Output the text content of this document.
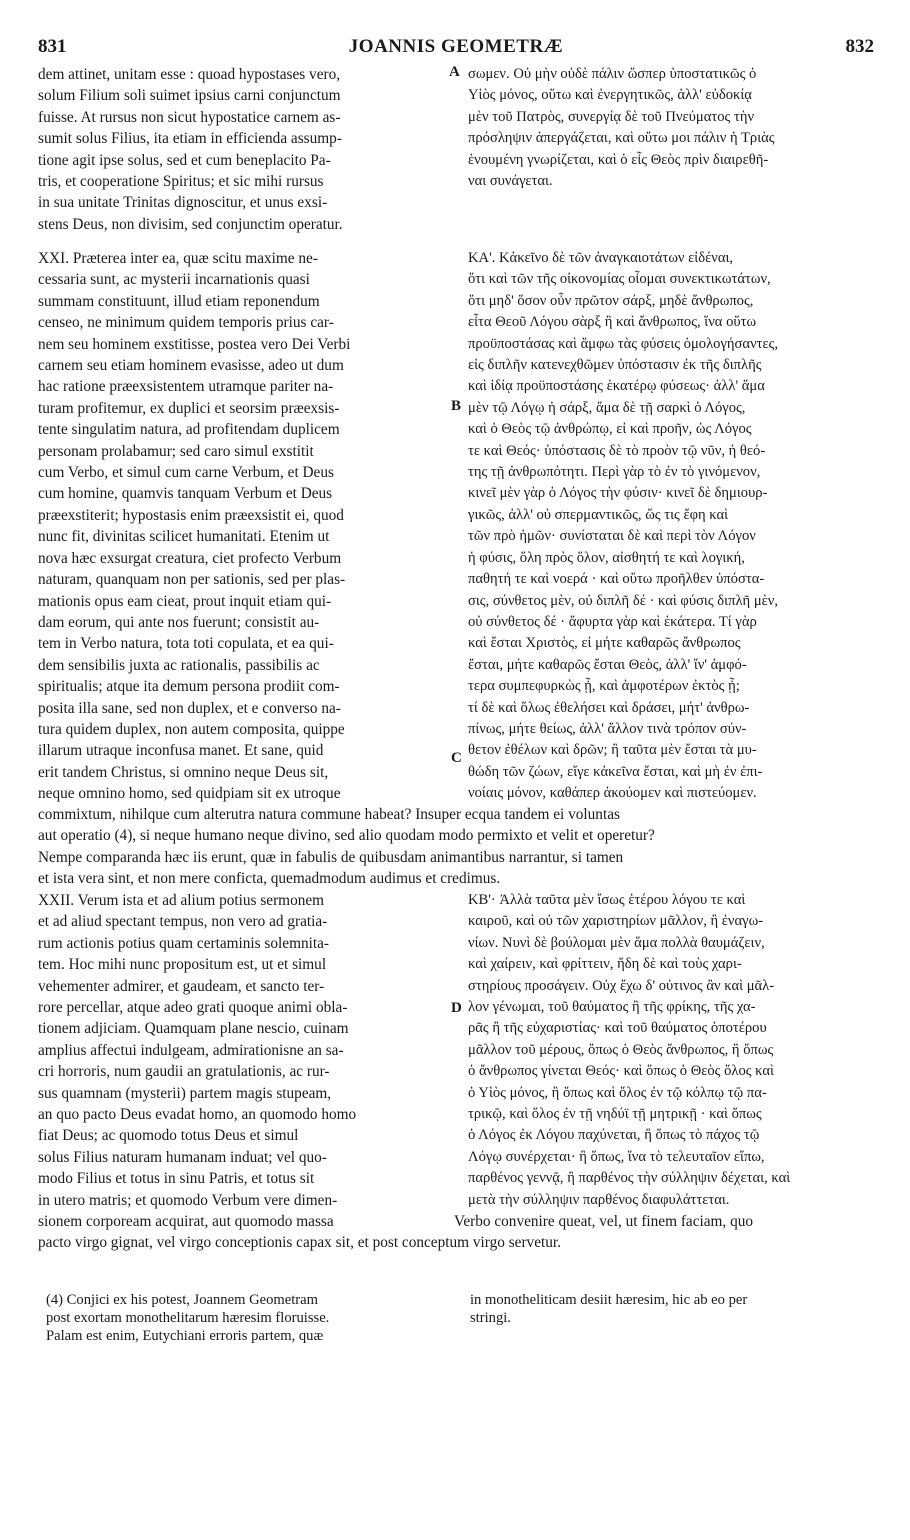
831	JOANNIS GEOMETRÆ	832
dem attinet, unitam esse : quoad hypostases vero,
solum Filium soli suimet ipsius carni conjunctum
fuisse. At rursus non sicut hypostatice carnem as-
sumit solus Filius, ita etiam in efficienda assump-
tione agit ipse solus, sed et cum beneplacito Pa-
tris, et cooperatione Spiritus; et sic mihi rursus
in sua unitate Trinitas dignoscitur, et unus exsi-
stens Deus, non divisim, sed conjunctim operatur.
A σωμεν. Οὐ μὴν οὐδὲ πάλιν ὥσπερ ὑποστατικῶς ὁ
Υἱὸς μόνος, οὕτω καὶ ἐνεργητικῶς, ἀλλ' εὐδοκίᾳ
μὲν τοῦ Πατρὸς, συνεργίᾳ δὲ τοῦ Πνεύματος τὴν
πρόσληψιν ἀπεργάζεται, καὶ οὕτω μοι πάλιν ἡ Τριὰς
ἑνουμένη γνωρίζεται, καὶ ὁ εἷς Θεὸς πρὶν διαιρεθῆ-
ναι συνάγεται.
XXI. Præterea inter ea, quæ scitu maxime ne-
cessaria sunt, ac mysterii incarnationis quasi
summam constituunt, illud etiam reponendum
censeo, ne minimum quidem temporis prius car-
nem seu hominem exstitisse, postea vero Dei Verbi
carnem seu etiam hominem evasisse, adeo ut dum
hac ratione præexsistentem utramque pariter na-
turam profitemur, ex duplici et seorsim præexsis-
tente singulatim natura, ad profitendam duplicem
personam prolabamur; sed caro simul exstitit
cum Verbo, et simul cum carne Verbum, et Deus
cum homine, quamvis tanquam Verbum et Deus
præexstiterit; hypostasis enim præexsistit ei, quod
nunc fit, divinitas scilicet humanitati. Etenim ut
nova hæc exsurgat creatura, ciet profecto Verbum
naturam, quanquam non per sationis, sed per plas-
mationis opus eam cieat, prout inquit etiam qui-
dam eorum, qui ante nos fuerunt; consistit au-
tem in Verbo natura, tota toti copulata, et ea qui-
dem sensibilis juxta ac rationalis, passibilis ac
spiritualis; atque ita demum persona prodiit com-
posita illa sane, sed non duplex, et e converso na-
tura quidem duplex, non autem composita, quippe
illarum utraque inconfusa manet. Et sane, quid
erit tandem Christus, si omnino neque Deus sit,
neque omnino homo, sed quidpiam sit ex utroque
B
C
ΚΑ'. Κἀκεῖνο δὲ τῶν ἀναγκαιοτάτων εἰδέναι,
ὅτι καὶ τῶν τῆς οἰκονομίας οἶομαι συνεκτικωτάτων,
ὅτι μηδ' ὅσον οὖν πρῶτον σάρξ, μηδὲ ἄνθρωπος,
εἶτα Θεοῦ Λόγου σὰρξ ἢ καὶ ἄνθρωπος, ἵνα οὕτω
προϋποστάσας καὶ ἄμφω τὰς φύσεις ὁμολογήσαντες,
εἰς διπλῆν κατενεχθῶμεν ὑπόστασιν ἐκ τῆς διπλῆς
καὶ ἰδίᾳ προϋποστάσης ἑκατέρῳ φύσεως· ἀλλ' ἅμα
μὲν τῷ Λόγῳ ἡ σάρξ, ἅμα δὲ τῇ σαρκὶ ὁ Λόγος,
καὶ ὁ Θεὸς τῷ ἀνθρώπῳ, εἰ καὶ προῆν, ὡς Λόγος
τε καὶ Θεός· ὑπόστασις δὲ τὸ προὸν τῷ νῦν, ἡ θεό-
της τῇ ἀνθρωπότητι. Περὶ γὰρ τὸ ἐν τὸ γινόμενον,
κινεῖ μὲν γὰρ ὁ Λόγος τὴν φύσιν· κινεῖ δὲ δημιουρ-
γικῶς, ἀλλ' οὐ σπερμαντικῶς, ὥς τις ἔφη καὶ
τῶν πρὸ ἡμῶν· συνίσταται δὲ καὶ περὶ τὸν Λόγον
ἡ φύσις, ὅλη πρὸς ὅλον, αἰσθητή τε καὶ λογική,
παθητή τε καὶ νοερά · καὶ οὕτω προῆλθεν ὑπόστα-
σις, σύνθετος μὲν, οὐ διπλῆ δέ · καὶ φύσις διπλῆ μὲν,
οὐ σύνθετος δέ · ἄφυρτα γὰρ καὶ ἑκάτερα. Τί γὰρ
καὶ ἔσται Χριστὸς, εἰ μήτε καθαρῶς ἄνθρωπος
ἔσται, μήτε καθαρῶς ἔσται Θεὸς, ἀλλ' ἵν' ἀμφό-
τερα συμπεφυρκὼς ᾖ, καὶ ἀμφοτέρων ἐκτὸς ᾖ;
τί δὲ καὶ ὅλως ἐθελήσει καὶ δράσει, μήτ' ἀνθρω-
πίνως, μήτε θείως, ἀλλ' ἄλλον τινὰ τρόπον σύν-
θετον ἐθέλων καὶ δρῶν; ἢ ταῦτα μὲν ἔσται τὰ μυ-
θώδη τῶν ζώων, εἴγε κἀκεῖνα ἔσται, καὶ μὴ ἐν ἐπι-
νοίαις μόνον, καθάπερ ἀκούομεν καὶ πιστεύομεν.
commixtum, nihilque cum alterutra natura commune habeat? Insuper ecqua tandem ei voluntas
aut operatio (4), si neque humano neque divino, sed alio quodam modo permixto et velit et operetur?
Nempe comparanda hæc iis erunt, quæ in fabulis de quibusdam animantibus narrantur, si tamen
et ista vera sint, et non mere conficta, quemadmodum audimus et credimus.
XXII. Verum ista et ad alium potius sermonem
et ad aliud spectant tempus, non vero ad gratia-
rum actionis potius quam certaminis solemnita-
tem. Hoc mihi nunc propositum est, ut et simul
vehementer admirer, et gaudeam, et sancto ter-
rore percellar, atque adeo grati quoque animi obla-
tionem adjiciam. Quamquam plane nescio, cuinam
amplius affectui indulgeam, admirationisne an sa-
cri horroris, num gaudii an gratulationis, ac rur-
sus quamnam (mysterii) partem magis stupeam,
an quo pacto Deus evadat homo, an quomodo homo
fiat Deus; ac quomodo totus Deus et simul
solus Filius naturam humanam induat; vel quo-
modo Filius et totus in sinu Patris, et totus sit
in utero matris; et quomodo Verbum vere dimen-
sionem corpoream acquirat, aut quomodo massa
D
ΚΒ'· Ἀλλὰ ταῦτα μὲν ἴσως ἑτέρου λόγου τε καὶ
καιροῦ, καὶ οὐ τῶν χαριστηρίων μᾶλλον, ἢ ἐναγω-
νίων. Νυνὶ δὲ βούλομαι μὲν ἅμα πολλὰ θαυμάζειν,
καὶ χαίρειν, καὶ φρίττειν, ἤδη δὲ καὶ τοὺς χαρι-
στηρίους προσάγειν. Οὐχ ἔχω δ' οὐτινος ἂν καὶ μᾶλ-
λον γένωμαι, τοῦ θαύματος ἢ τῆς φρίκης, τῆς χα-
ρᾶς ἢ τῆς εὐχαριστίας· καὶ τοῦ θαύματος ὁποτέρου
μᾶλλον τοῦ μέρους, ὅπως ὁ Θεὸς ἄνθρωπος, ἢ ὅπως
ὁ ἄνθρωπος γίνεται Θεός· καὶ ὅπως ὁ Θεὸς ὅλος καὶ
ὁ Υἱὸς μόνος, ἢ ὅπως καὶ ὅλος ἐν τῷ κόλπῳ τῷ πα-
τρικῷ, καὶ ὅλος ἐν τῇ νηδύϊ τῇ μητρικῇ · καὶ ὅπως
ὁ Λόγος ἐκ Λόγου παχύνεται, ἢ ὅπως τὸ πάχος τῷ
Λόγῳ συνέρχεται· ἢ ὅπως, ἵνα τὸ τελευταῖον εἴπω,
παρθένος γεννᾷ, ἢ παρθένος τὴν σύλληψιν δέχεται, καὶ
μετὰ τὴν σύλληψιν παρθένος διαφυλάττεται.
Verbo convenire queat, vel, ut finem faciam, quo
pacto virgo gignat, vel virgo conceptionis capax sit, et post conceptum virgo servetur.
(4) Conjici ex his potest, Joannem Geometram
post exortam monothelitarum hæresim floruisse.
Palam est enim, Eutychiani erroris partem, quæ
in monotheliticam desiit hæresim, hic ab eo per
stringi.
